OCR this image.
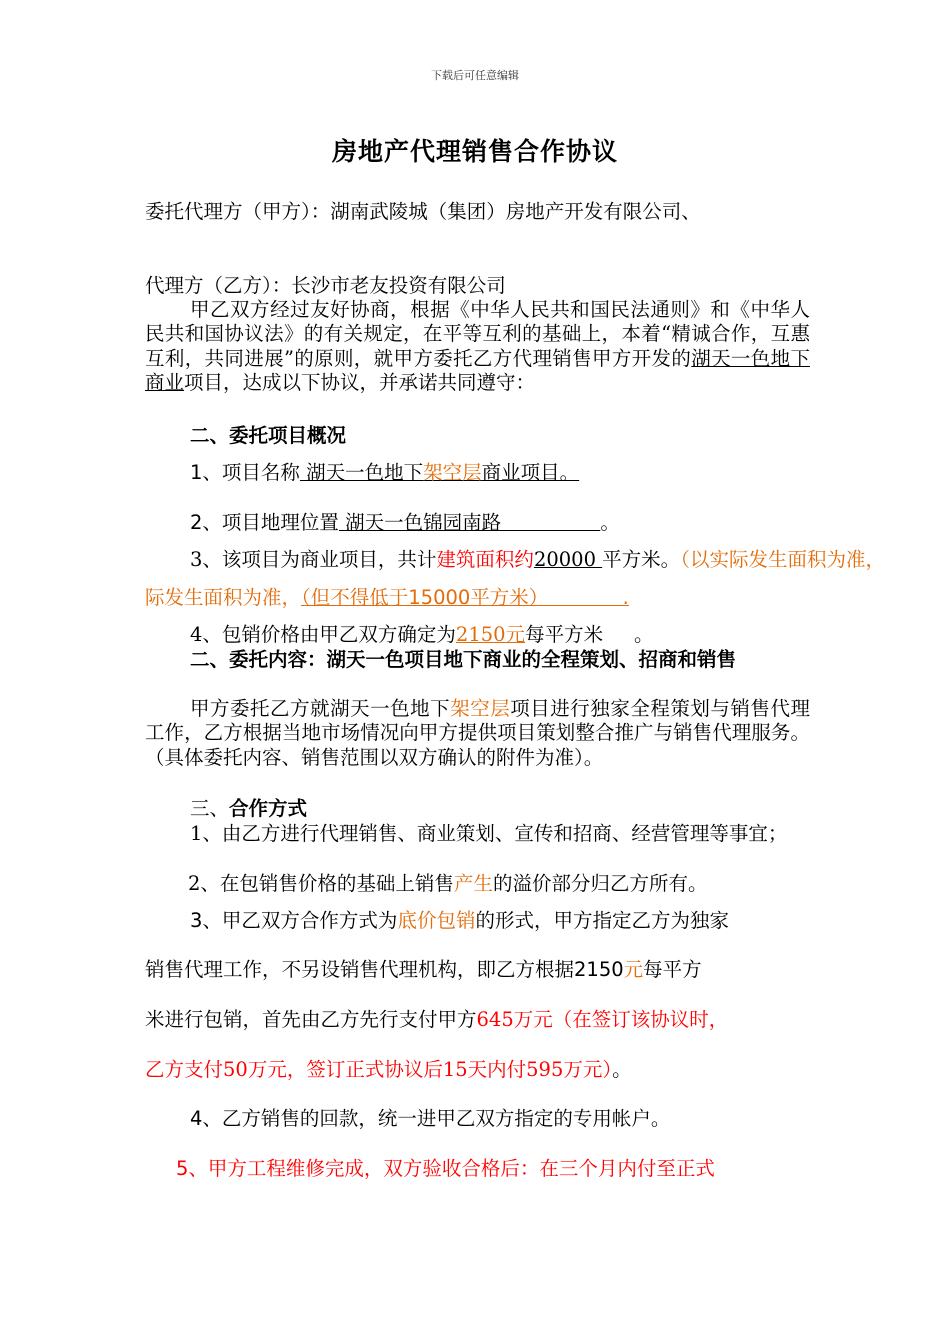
下载后可任意编辑
房地产代理销售合作协议
委托代理方（甲方）：湖南武陵城（集团）房地产开发有限公司、
代理方（乙方）：长沙市老友投资有限公司
甲乙双方经过友好协商，根据《中华人民共和国民法通则》和《中华人民共和国协议法》的有关规定，在平等互利的基础上，本着“精诚合作，互惠互利，共同进展”的原则，就甲方委托乙方代理销售甲方开发的湖天一色地下商业项目，达成以下协议，并承诺共同遵守：
二、委托项目概况
1、项目名称 湖天一色地下架空层商业项目。
2、项目地理位置 湖天一色锦园南路                。
3、该项目为商业项目，共计建筑面积约20000 平方米。（以实际发生面积为准，
际发生面积为准，（但不得低于15000平方米）            .
4、包销价格由甲乙双方确定为2150元每平方米     。
二、委托内容：湖天一色项目地下商业的全程策划、招商和销售
甲方委托乙方就湖天一色地下架空层项目进行独家全程策划与销售代理工作，乙方根据当地市场情况向甲方提供项目策划整合推广与销售代理服务。（具体委托内容、销售范围以双方确认的附件为准）。
三、合作方式
1、由乙方进行代理销售、商业策划、宣传和招商、经营管理等事宜；
2、在包销售价格的基础上销售产生的溢价部分归乙方所有。
3、甲乙双方合作方式为底价包销的形式，甲方指定乙方为独家
销售代理工作，不另设销售代理机构，即乙方根据2150元每平方
米进行包销，首先由乙方先行支付甲方645万元（在签订该协议时，
乙方支付50万元，签订正式协议后15天内付595万元）。
4、乙方销售的回款，统一进甲乙双方指定的专用帐户。
5、甲方工程维修完成，双方验收合格后：在三个月内付至正式
